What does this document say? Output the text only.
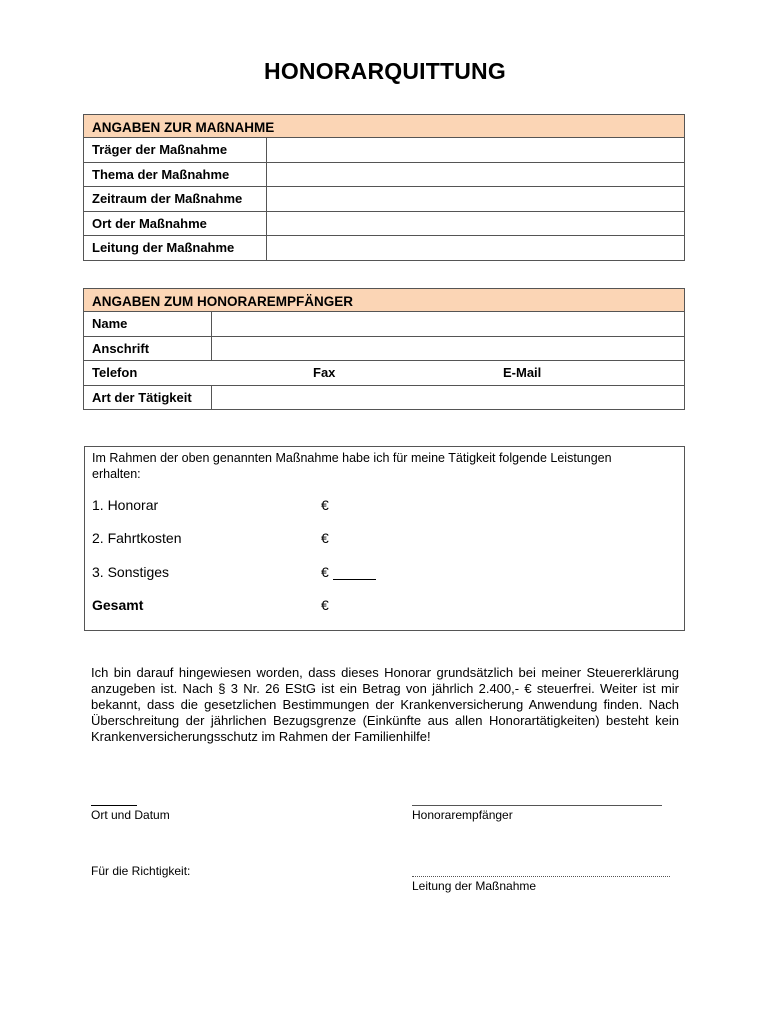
HONORARQUITTUNG
ANGABEN ZUR MAßNAHME
Träger der Maßnahme
Thema der Maßnahme
Zeitraum der Maßnahme
Ort der Maßnahme
Leitung der Maßnahme
ANGABEN ZUM HONORAREMPFÄNGER
Name
Anschrift
Telefon	Fax	E-Mail
Art der Tätigkeit
Im Rahmen der oben genannten Maßnahme habe ich für meine Tätigkeit folgende Leistungen erhalten:
1. Honorar	€
2. Fahrtkosten	€
3. Sonstiges	€
Gesamt	€
Ich bin darauf hingewiesen worden, dass dieses Honorar grundsätzlich bei meiner Steuererklärung anzugeben ist. Nach § 3 Nr. 26 EStG ist ein Betrag von jährlich 2.400,- € steuerfrei. Weiter ist mir bekannt, dass die gesetzlichen Bestimmungen der Krankenversicherung Anwendung finden. Nach Überschreitung der jährlichen Bezugsgrenze (Einkünfte aus allen Honorartätigkeiten) besteht kein Krankenversicherungsschutz im Rahmen der Familienhilfe!
Ort und Datum	Honorarempfänger
Für die Richtigkeit:
Leitung der Maßnahme
